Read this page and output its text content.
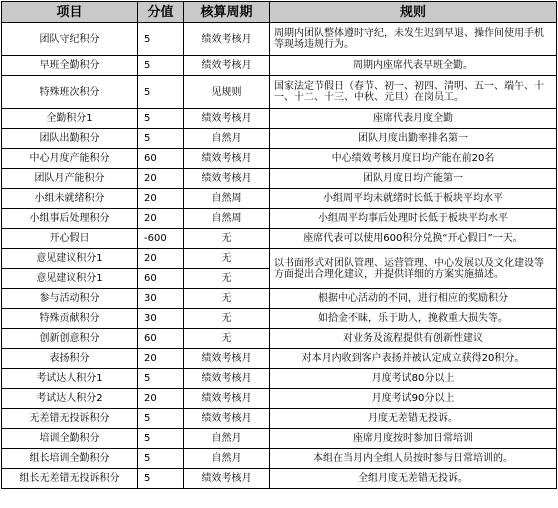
项目	分值	核算周期	规则
团队守纪积分	5	绩效考核月	周期内团队整体遵时守纪，未发生迟到早退、操作间使用手机等现场违规行为。
早班全勤积分	5	绩效考核月	周期内座席代表早班全勤。
特殊班次积分	5	见规则	国家法定节假日（春节、初一、初四、清明、五一、端午、十一、十二、十三、中秋、元旦）在岗员工。
全勤积分1	5	绩效考核月	座席代表月度全勤
团队出勤积分	5	自然月	团队月度出勤率排名第一
中心月度产能积分	60	绩效考核月	中心绩效考核月度日均产能在前20名
团队月产能积分	20	绩效考核月	团队月度日均产能第一
小组未就绪积分	20	自然周	小组周平均未就绪时长低于板块平均水平
小组事后处理积分	20	自然周	小组周平均事后处理时长低于板块平均水平
开心假日	-600	无	座席代表可以使用600积分兑换“开心假日”一天。
意见建议积分1	20	无	以书面形式对团队管理、运营管理、中心发展以及文化建设等方面提出合理化建议，并提供详细的方案实施描述。
意见建议积分1	60	无	
参与活动积分	30	无	根据中心活动的不同，进行相应的奖励积分
特殊贡献积分	30	无	如拾金不昧，乐于助人，挽救重大损失等。
创新创意积分	60	无	对业务及流程提供有创新性建议
表扬积分	20	绩效考核月	对本月内收到客户表扬并被认定成立获得20积分。
考试达人积分1	5	绩效考核月	月度考试80分以上
考试达人积分2	20	绩效考核月	月度考试90分以上
无差错无投诉积分	5	绩效考核月	月度无差错无投诉。
培训全勤积分	5	自然月	座席月度按时参加日常培训
组长培训全勤积分	5	自然月	本组在当月内全组人员按时参与日常培训的。
组长无差错无投诉积分	5	绩效考核月	全组月度无差错无投诉。
